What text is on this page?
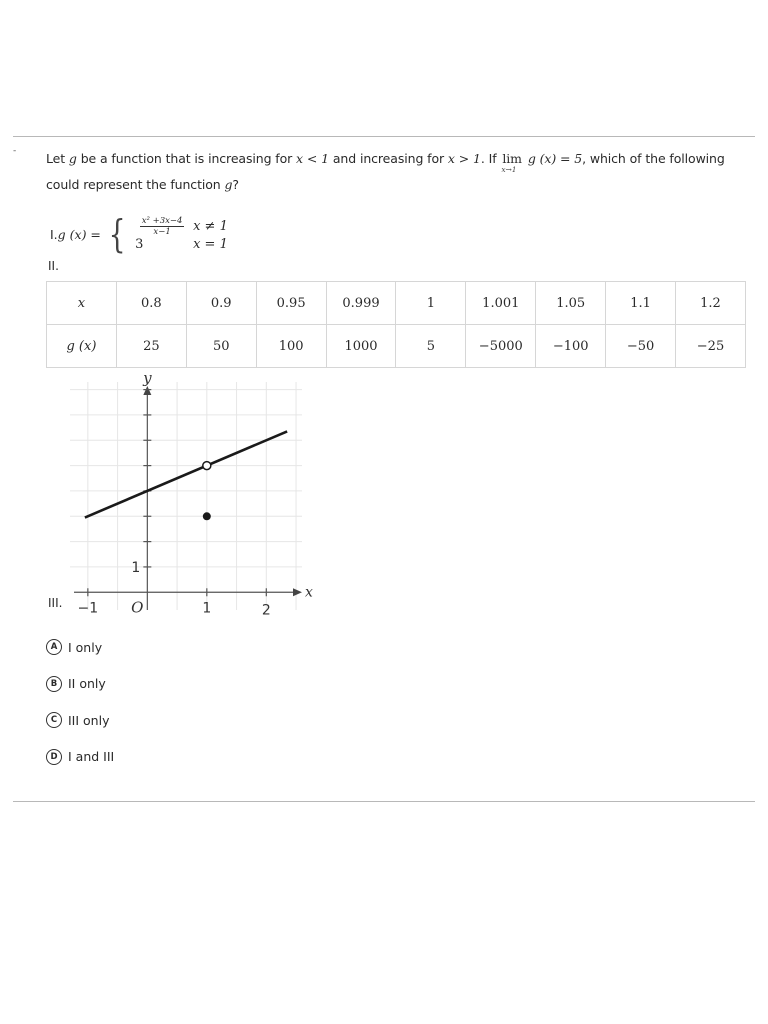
- Let g be a function that is increasing for x < 1 and increasing for x > 1. If lim
x→1
g (x) = 5, which of the following could represent the function g?
I. g (x) = { $\frac{\text{x² +3x−4}}{x-1}$ x ≠ 1
3	x = 1
II.
x	0.8	0.9	0.95	0.999	1	1.001	1.05	1.1	1.2
g (x)	25	50	100	1000	5	−5000	−100	−50	−25
y
x
O
−1	1	2
1
III.
A I only
B II only
C III only
D I and III
